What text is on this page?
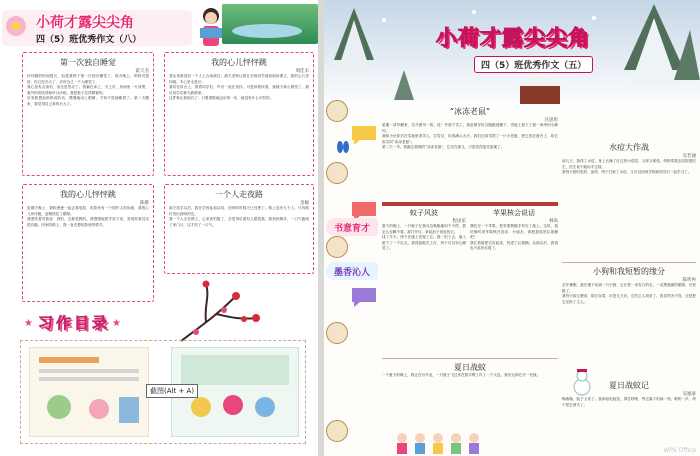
小荷才露尖尖角
四（5）班优秀作文（八）
第一次独自睡觉
霍天杰

怦怦跳的时间很长，但是我终于第一次独自睡觉了。那天晚上，妈妈对我说：你已经长大了，应该自己一个人睡觉了。

我心里有点害怕，但还是答应了。我躺在床上，关上灯，房间里一片漆黑，窗外的风吹得树叶沙沙响，我把被子拉得紧紧的。

后来我想起妈妈说的话，慢慢地闭上眼睛，不知不觉就睡着了。第二天醒来，我觉得自己真的长大了。

我的心儿怦怦跳
周佳未

我从来都没有一个人上台表演过。那天老师让我在全班同学面前朗读课文，我的心儿怦怦跳，手心里全是汗。

我站在讲台上，看着同学们，声音一直在发抖。可是读着读着，我就不那么紧张了，最后同学们都为我鼓掌。

这件事让我明白了：只要勇敢地迈出第一步，就没有什么可怕的。

我的心儿怦怦跳
陈骅

星期天晚上，我和爸爸一起去看电影，电影里有一个很吓人的场面，我的心儿怦怦跳，赶紧捂住了眼睛。

爸爸笑着对我说：别怕，这都是假的。我慢慢地把手放下来，发现故事其实很有趣。回家的路上，我一直在想电影里的情节。

一个人走夜路
金颖

那天放学以后，我在学校参加活动，回家的时候天已经黑了。路上没有几个人，只有路灯发出昏暗的光。

我一个人走在路上，心里害怕极了，总觉得后面有人跟着我。我加快脚步，一口气跑到了家门口，这才松了一口气。

★ 习作目录 ★
截图(Alt + A)
小荷才露尖尖角
四（5）班优秀作文（五）
书意育才
墨香沁人
“冰冻老鼠”
汪思彤

星期一清早醒来，拉开窗帘一看，哇！外面下雪了。我赶紧穿好衣服跑到楼下，雪地上留下了我一串串的小脚印。

我和小伙伴们在雪地里堆雪人、打雪仗，玩得满头大汗。我们还用雪捏了一只小老鼠，把它放在窗台上，给它取名叫“冰冻老鼠”。

第二天一早，我跑去看我的“冰冻老鼠”，它还在那儿，只是变得更亮更硬了。	水痘大作战
吴若涵

前几天，我得了水痘，身上长满了红红的小痘痘，又痒又难受。妈妈带我去医院看医生，医生说不能用手去抓。

我每天按时吃药、涂药，终于打败了水痘，又可以回到学校和同学们一起学习了。

蚊子风波
程语乐

夏天的晚上，一只蚊子在我耳边嗡嗡地叫个不停，我怎么也睡不着。我打开灯，拿起拍子到处找它。

找了半天，终于在墙上发现了它，我一拍下去，墙上留下了一个红点。我得意地关上灯，终于可以安心睡觉了。

苹果核会说话
林高

我吃完一个苹果，把苹果核随手扔在了地上。这时，我好像听见苹果核在说话：小朋友，请把我放进垃圾桶吧！

我红着脸把它捡起来，扔进了垃圾桶。从那以后，我再也不乱扔垃圾了。

小狗和我短暂的缘分
陈昕冉

去年暑假，我在楼下捡到一只小狗，它长着一身雪白的毛，一双黑溜溜的眼睛，可爱极了。

我每天给它喂食、陪它玩耍，可是几天后，它的主人找来了。我虽然舍不得，还是把它还给了主人。

夏日战蚊

一个夏天的晚上，我正在写作业，一只蚊子飞过来在我手臂上叮了一个大包。我决定和它决一死战。

夏日战蚊记
吴逸豪

嗡嗡嗡，蚊子又来了。我拿起电蚊拍，屏住呼吸，等它落下的那一刻，啪的一声，终于把它消灭了。

WPS Office
